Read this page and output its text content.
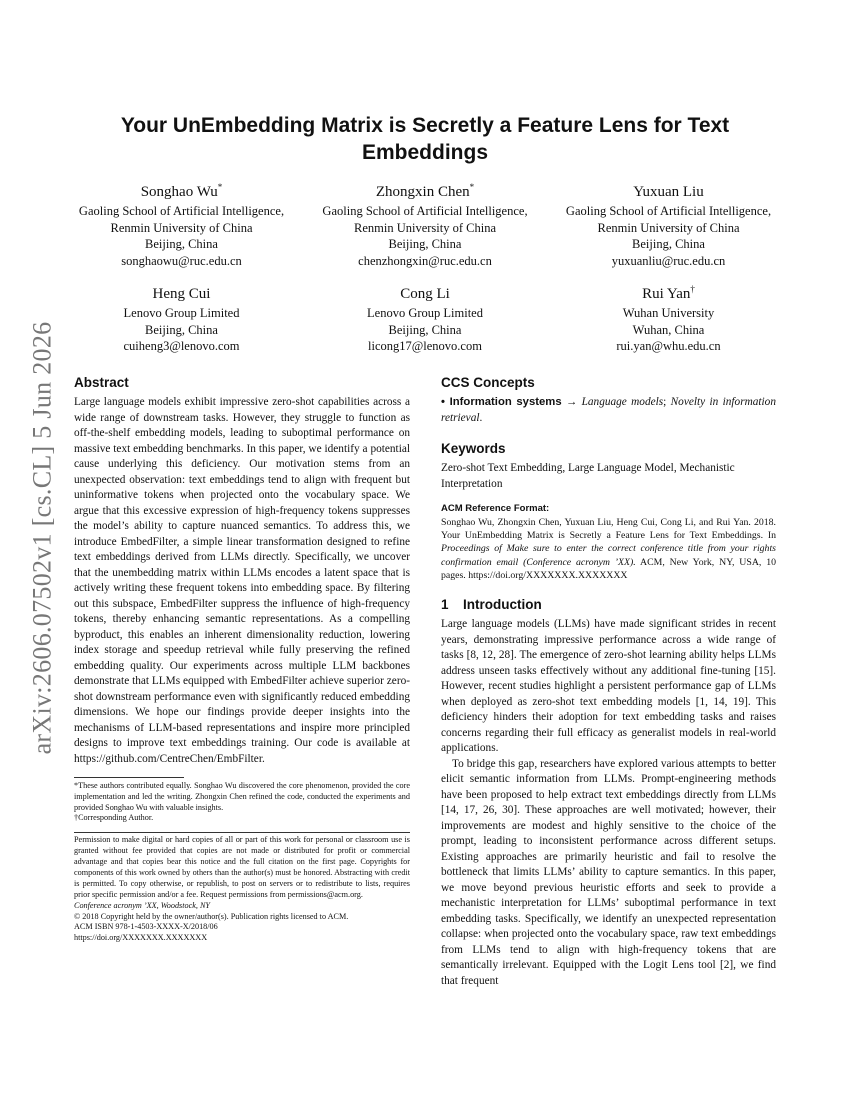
arXiv:2606.07502v1 [cs.CL] 5 Jun 2026
Your UnEmbedding Matrix is Secretly a Feature Lens for Text Embeddings
Songhao Wu*
Gaoling School of Artificial Intelligence, Renmin University of China
Beijing, China
songhaowu@ruc.edu.cn
Zhongxin Chen*
Gaoling School of Artificial Intelligence, Renmin University of China
Beijing, China
chenzhongxin@ruc.edu.cn
Yuxuan Liu
Gaoling School of Artificial Intelligence, Renmin University of China
Beijing, China
yuxuanliu@ruc.edu.cn
Heng Cui
Lenovo Group Limited
Beijing, China
cuiheng3@lenovo.com
Cong Li
Lenovo Group Limited
Beijing, China
licong17@lenovo.com
Rui Yan†
Wuhan University
Wuhan, China
rui.yan@whu.edu.cn
Abstract

Large language models exhibit impressive zero-shot capabilities across a wide range of downstream tasks. However, they struggle to function as off-the-shelf embedding models, leading to suboptimal performance on massive text embedding benchmarks. In this paper, we identify a potential cause underlying this deficiency. Our motivation stems from an unexpected observation: text embeddings tend to align with frequent but uninformative tokens when projected onto the vocabulary space. We argue that this excessive expression of high-frequency tokens suppresses the model’s ability to capture nuanced semantics. To address this, we introduce EmbedFilter, a simple linear transformation designed to refine text embeddings derived from LLMs directly. Specifically, we uncover that the unembedding matrix within LLMs encodes a latent space that is actively writing these frequent tokens into embedding space. By filtering out this subspace, EmbedFilter suppress the influence of high-frequency tokens, thereby enhancing semantic representations. As a compelling byproduct, this enables an inherent dimensionality reduction, lowering index storage and speedup retrieval while fully preserving the refined embedding quality. Our experiments across multiple LLM backbones demonstrate that LLMs equipped with EmbedFilter achieve superior zero-shot downstream performance even with significantly reduced embedding dimensions. We hope our findings provide deeper insights into the mechanisms of LLM-based representations and inspire more principled designs to improve text embeddings training. Our code is available at https://github.com/CentreChen/EmbFilter.

*These authors contributed equally. Songhao Wu discovered the core phenomenon, provided the core implementation and led the writing. Zhongxin Chen refined the code, conducted the experiments and provided Songhao Wu with valuable insights.

†Corresponding Author.

Permission to make digital or hard copies of all or part of this work for personal or classroom use is granted without fee provided that copies are not made or distributed for profit or commercial advantage and that copies bear this notice and the full citation on the first page. Copyrights for components of this work owned by others than the author(s) must be honored. Abstracting with credit is permitted. To copy otherwise, or republish, to post on servers or to redistribute to lists, requires prior specific permission and/or a fee. Request permissions from permissions@acm.org.

Conference acronym ’XX, Woodstock, NY

© 2018 Copyright held by the owner/author(s). Publication rights licensed to ACM.

ACM ISBN 978-1-4503-XXXX-X/2018/06

https://doi.org/XXXXXXX.XXXXXXX

CCS Concepts

• Information systems → Language models; Novelty in information retrieval.

Keywords

Zero-shot Text Embedding, Large Language Model, Mechanistic Interpretation

ACM Reference Format:

Songhao Wu, Zhongxin Chen, Yuxuan Liu, Heng Cui, Cong Li, and Rui Yan. 2018. Your UnEmbedding Matrix is Secretly a Feature Lens for Text Embeddings. In Proceedings of Make sure to enter the correct conference title from your rights confirmation email (Conference acronym ’XX). ACM, New York, NY, USA, 10 pages. https://doi.org/XXXXXXX.XXXXXXX

1 Introduction

Large language models (LLMs) have made significant strides in recent years, demonstrating impressive performance across a wide range of tasks [8, 12, 28]. The emergence of zero-shot learning ability helps LLMs address unseen tasks effectively without any additional fine-tuning [15]. However, recent studies highlight a persistent performance gap of LLMs when deployed as zero-shot text embedding models [1, 14, 19]. This deficiency hinders their adoption for text embedding tasks and raises concerns regarding their full efficacy as generalist models in real-world applications.

To bridge this gap, researchers have explored various attempts to better elicit semantic information from LLMs. Prompt-engineering methods have been proposed to help extract text embeddings directly from LLMs [14, 17, 26, 30]. These approaches are well motivated; however, their improvements are modest and highly sensitive to the choice of the prompt, leading to inconsistent performance across different setups. Existing approaches are primarily heuristic and fail to resolve the bottleneck that limits LLMs’ ability to capture semantics. In this paper, we move beyond previous heuristic efforts and seek to provide a mechanistic interpretation for LLMs’ suboptimal performance in text embedding tasks. Specifically, we identify an unexpected representation collapse: when projected onto the vocabulary space, raw text embeddings from LLMs tend to align with high-frequency tokens that are semantically irrelevant. Equipped with the Logit Lens tool [2], we find that frequent
